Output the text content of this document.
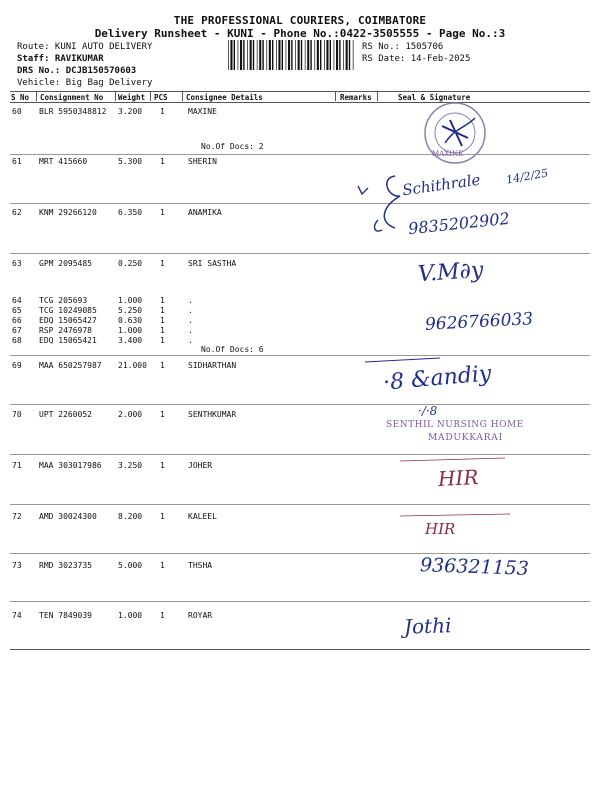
THE PROFESSIONAL COURIERS, COIMBATORE
Delivery Runsheet - KUNI - Phone No.:0422-3505555 - Page No.:3
Route: KUNI AUTO DELIVERY
Staff: RAVIKUMAR
DRS No.: DCJB150570603
Vehicle: Big Bag Delivery
RS No.: 1505706
RS Date: 14-Feb-2025
S No Consignment No Weight PCS Consignee Details	Remarks	Seal & Signature
60 BLR 5950348812 3.200 1	MAXINE
No.Of Docs: 2
61 MRT 415660	5.300 1	SHERIN
62 KNM 29266120	6.350 1	ANAMIKA
63 GPM 2095485	0.250 1	SRI SASTHA
64 TCG 205693	1.000 1	.
65 TCG 10249085	5.250 1	.
66 EDQ 15065427	0.630 1	.
67 RSP 2476978	1.000 1	.
68 EDQ 15065421	3.400 1	.
No.Of Docs: 6
69 MAA 650257987 21.000 1	SIDHARTHAN
70 UPT 2260052	2.000 1	SENTHKUMAR
71 MAA 303017986 3.250 1	JOHER
72 AMD 30024300	8.200 1	KALEEL
73 RMD 3023735	5.000 1	THSHA
74 TEN 7849039	1.000 1	ROYAR
MAXINE
Schithrale 14/2/25
9835202902
V.M∂y
9626766033
·8 &andiy
·/·8
SENTHIL NURSING HOME
MADUKKARAI
HIR
HIR
936321153
Jothi
